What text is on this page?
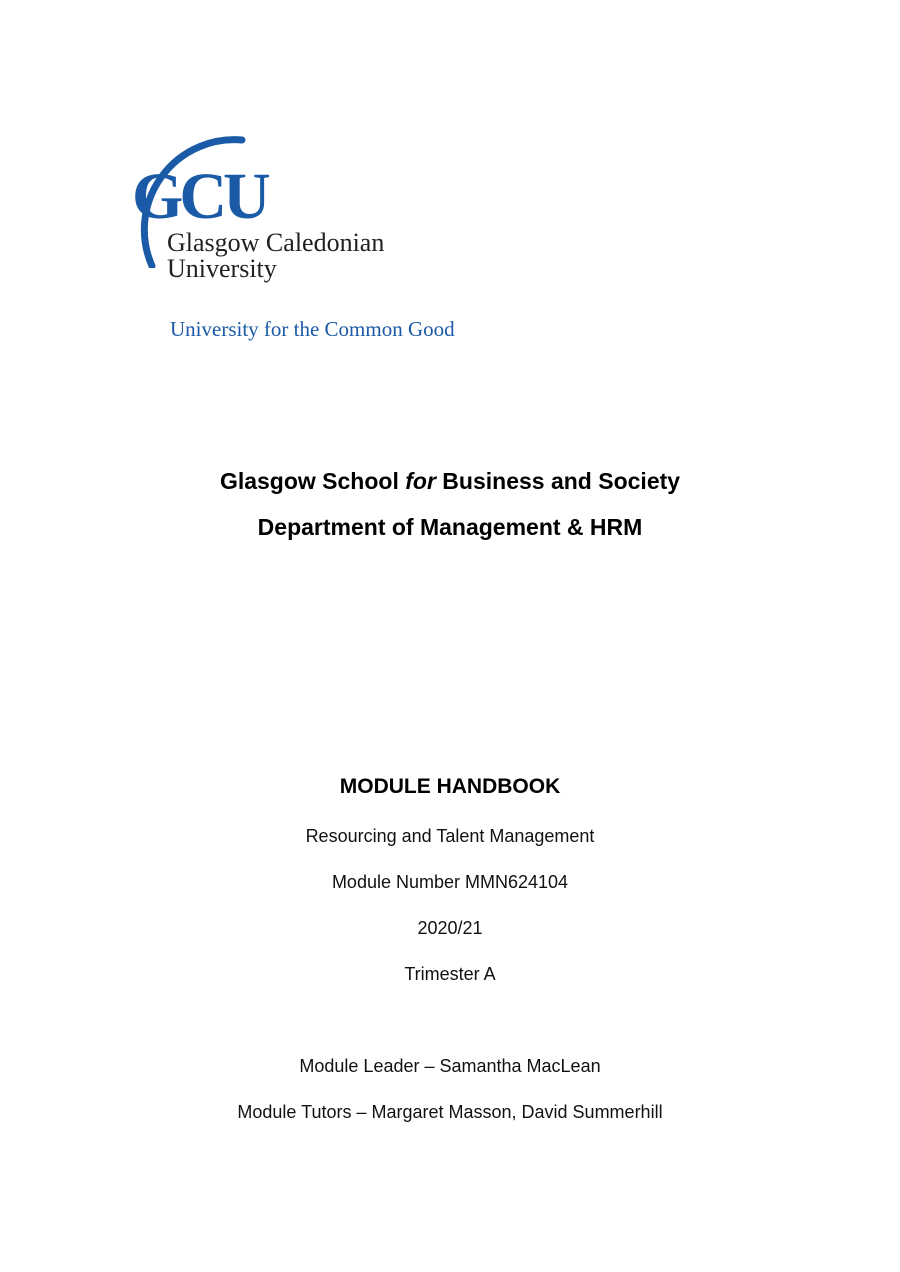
GCU
Glasgow Caledonian
University
University for the Common Good
Glasgow School for Business and Society
Department of Management & HRM
MODULE HANDBOOK
Resourcing and Talent Management
Module Number MMN624104
2020/21
Trimester A
Module Leader – Samantha MacLean
Module Tutors – Margaret Masson, David Summerhill
